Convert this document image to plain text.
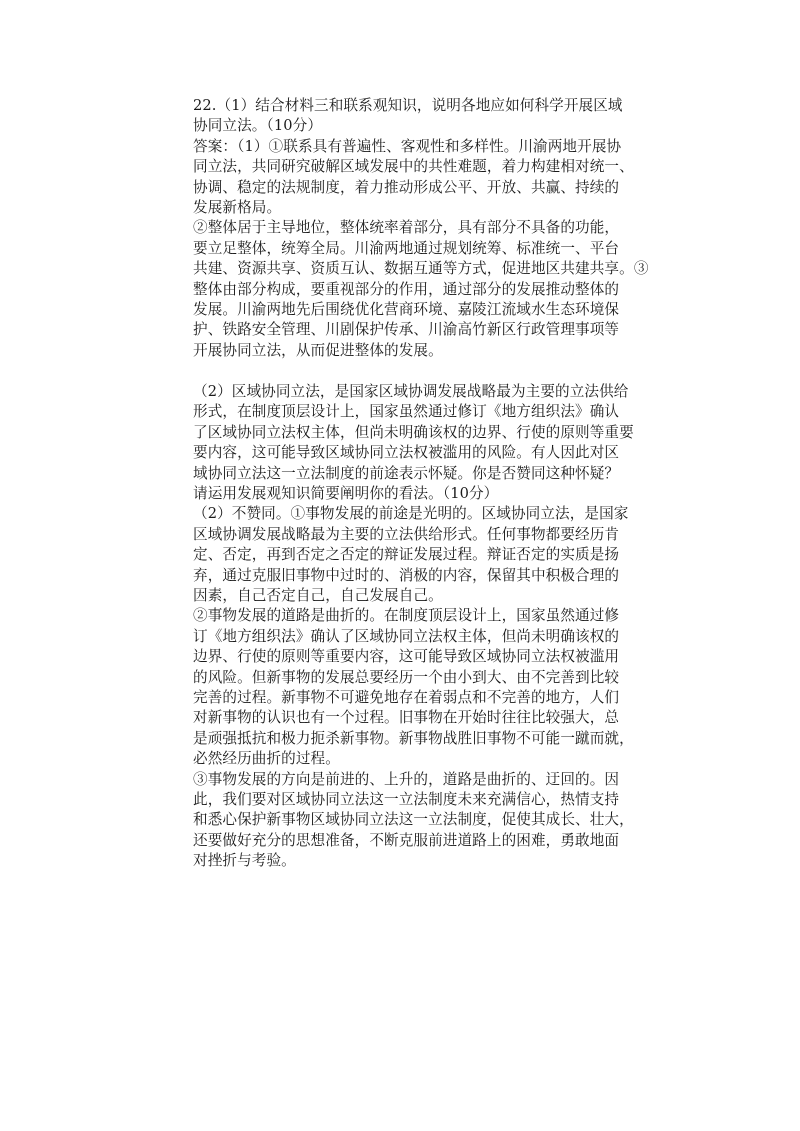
22.（1）结合材料三和联系观知识，说明各地应如何科学开展区域
协同立法。（10分）
答案：（1）①联系具有普遍性、客观性和多样性。川渝两地开展协
同立法，共同研究破解区域发展中的共性难题，着力构建相对统一、
协调、稳定的法规制度，着力推动形成公平、开放、共赢、持续的
发展新格局。
②整体居于主导地位，整体统率着部分，具有部分不具备的功能，
要立足整体，统筹全局。川渝两地通过规划统筹、标准统一、平台
共建、资源共享、资质互认、数据互通等方式，促进地区共建共享。③
整体由部分构成，要重视部分的作用，通过部分的发展推动整体的
发展。川渝两地先后围绕优化营商环境、嘉陵江流域水生态环境保
护、铁路安全管理、川剧保护传承、川渝高竹新区行政管理事项等
开展协同立法，从而促进整体的发展。
（2）区域协同立法，是国家区域协调发展战略最为主要的立法供给
形式，在制度顶层设计上，国家虽然通过修订《地方组织法》确认
了区域协同立法权主体，但尚未明确该权的边界、行使的原则等重要
要内容，这可能导致区域协同立法权被滥用的风险。有人因此对区
域协同立法这一立法制度的前途表示怀疑。你是否赞同这种怀疑？
请运用发展观知识简要阐明你的看法。（10分）
（2）不赞同。①事物发展的前途是光明的。区域协同立法，是国家
区域协调发展战略最为主要的立法供给形式。任何事物都要经历肯
定、否定，再到否定之否定的辩证发展过程。辩证否定的实质是扬
弃，通过克服旧事物中过时的、消极的内容，保留其中积极合理的
因素，自己否定自己，自己发展自己。
②事物发展的道路是曲折的。在制度顶层设计上，国家虽然通过修
订《地方组织法》确认了区域协同立法权主体，但尚未明确该权的
边界、行使的原则等重要内容，这可能导致区域协同立法权被滥用
的风险。但新事物的发展总要经历一个由小到大、由不完善到比较
完善的过程。新事物不可避免地存在着弱点和不完善的地方，人们
对新事物的认识也有一个过程。旧事物在开始时往往比较强大，总
是顽强抵抗和极力扼杀新事物。新事物战胜旧事物不可能一蹴而就，
必然经历曲折的过程。
③事物发展的方向是前进的、上升的，道路是曲折的、迂回的。因
此，我们要对区域协同立法这一立法制度未来充满信心，热情支持
和悉心保护新事物区域协同立法这一立法制度，促使其成长、壮大，
还要做好充分的思想准备，不断克服前进道路上的困难，勇敢地面
对挫折与考验。
